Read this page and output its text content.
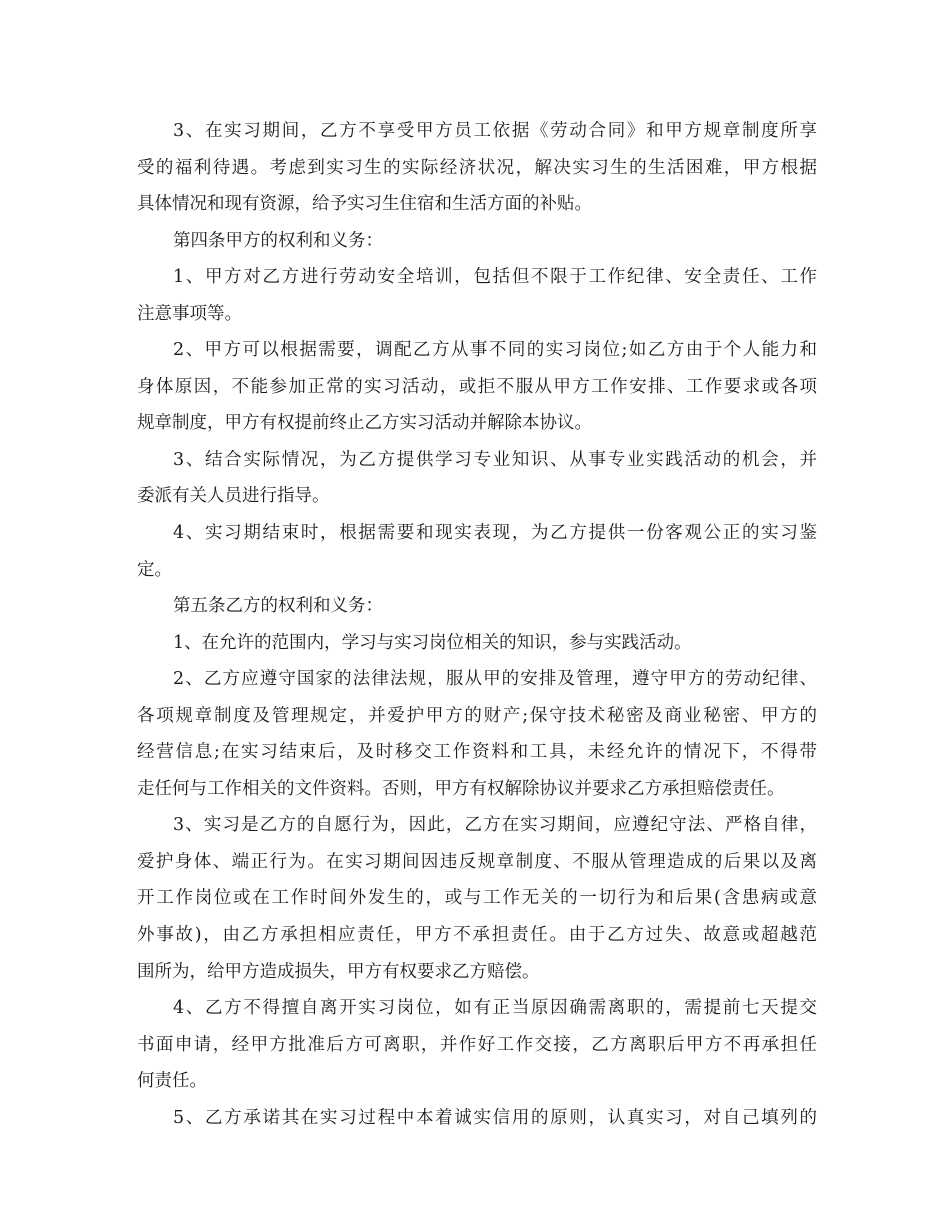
3、在实习期间，乙方不享受甲方员工依据《劳动合同》和甲方规章制度所享
受的福利待遇。考虑到实习生的实际经济状况，解决实习生的生活困难，甲方根据
具体情况和现有资源，给予实习生住宿和生活方面的补贴。
第四条甲方的权利和义务：
1、甲方对乙方进行劳动安全培训，包括但不限于工作纪律、安全责任、工作
注意事项等。
2、甲方可以根据需要，调配乙方从事不同的实习岗位;如乙方由于个人能力和
身体原因，不能参加正常的实习活动，或拒不服从甲方工作安排、工作要求或各项
规章制度，甲方有权提前终止乙方实习活动并解除本协议。
3、结合实际情况，为乙方提供学习专业知识、从事专业实践活动的机会，并
委派有关人员进行指导。
4、实习期结束时，根据需要和现实表现，为乙方提供一份客观公正的实习鉴
定。
第五条乙方的权利和义务：
1、在允许的范围内，学习与实习岗位相关的知识，参与实践活动。
2、乙方应遵守国家的法律法规，服从甲的安排及管理，遵守甲方的劳动纪律、
各项规章制度及管理规定，并爱护甲方的财产;保守技术秘密及商业秘密、甲方的
经营信息;在实习结束后，及时移交工作资料和工具，未经允许的情况下，不得带
走任何与工作相关的文件资料。否则，甲方有权解除协议并要求乙方承担赔偿责任。
3、实习是乙方的自愿行为，因此，乙方在实习期间，应遵纪守法、严格自律，
爱护身体、端正行为。在实习期间因违反规章制度、不服从管理造成的后果以及离
开工作岗位或在工作时间外发生的，或与工作无关的一切行为和后果(含患病或意
外事故)，由乙方承担相应责任，甲方不承担责任。由于乙方过失、故意或超越范
围所为，给甲方造成损失，甲方有权要求乙方赔偿。
4、乙方不得擅自离开实习岗位，如有正当原因确需离职的，需提前七天提交
书面申请，经甲方批准后方可离职，并作好工作交接，乙方离职后甲方不再承担任
何责任。
5、乙方承诺其在实习过程中本着诚实信用的原则，认真实习，对自己填列的
